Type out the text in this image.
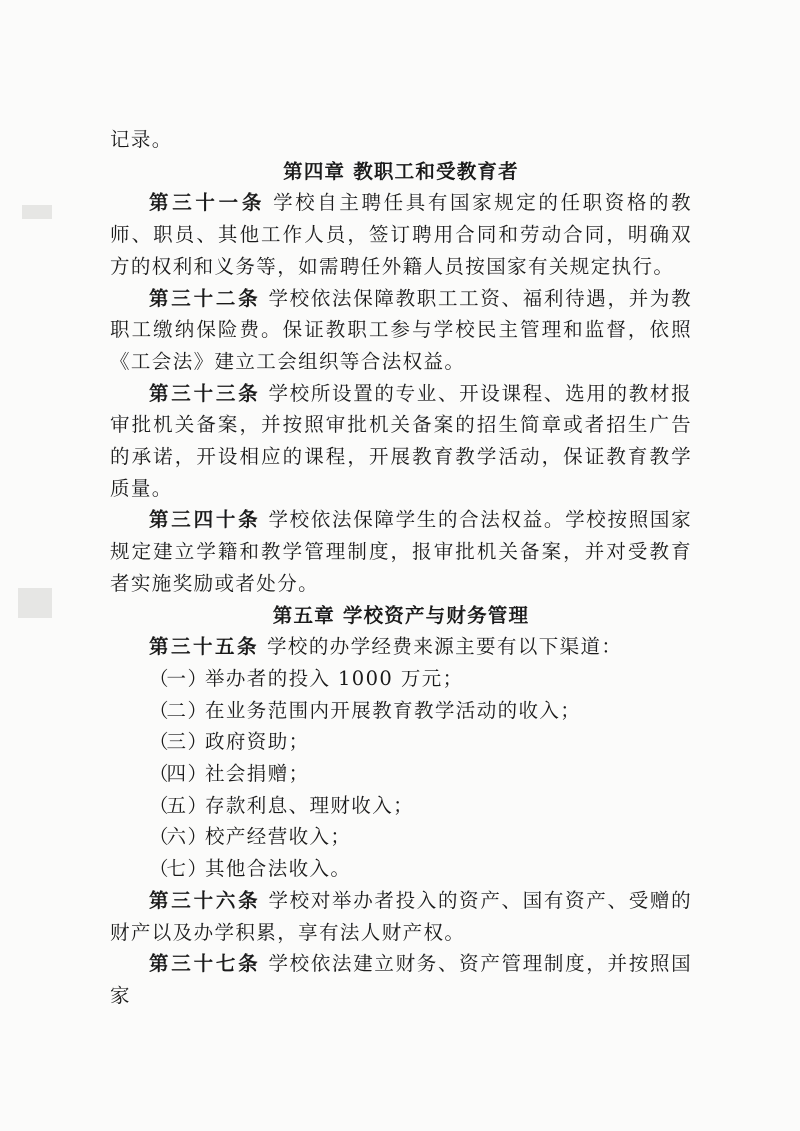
记录。

第四章 教职工和受教育者

第三十一条 学校自主聘任具有国家规定的任职资格的教师、职员、其他工作人员，签订聘用合同和劳动合同，明确双方的权利和义务等，如需聘任外籍人员按国家有关规定执行。

第三十二条 学校依法保障教职工工资、福利待遇，并为教职工缴纳保险费。保证教职工参与学校民主管理和监督，依照《工会法》建立工会组织等合法权益。

第三十三条 学校所设置的专业、开设课程、选用的教材报审批机关备案，并按照审批机关备案的招生简章或者招生广告的承诺，开设相应的课程，开展教育教学活动，保证教育教学质量。

第三四十条 学校依法保障学生的合法权益。学校按照国家规定建立学籍和教学管理制度，报审批机关备案，并对受教育者实施奖励或者处分。

第五章 学校资产与财务管理

第三十五条 学校的办学经费来源主要有以下渠道：

（一）举办者的投入 1000 万元；

（二）在业务范围内开展教育教学活动的收入；

（三）政府资助；

（四）社会捐赠；

（五）存款利息、理财收入；

（六）校产经营收入；

（七）其他合法收入。

第三十六条 学校对举办者投入的资产、国有资产、受赠的财产以及办学积累，享有法人财产权。

第三十七条 学校依法建立财务、资产管理制度，并按照国家
